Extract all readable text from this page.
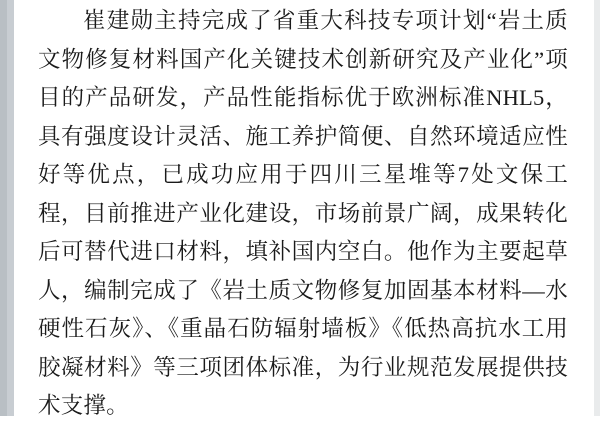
崔建勋主持完成了省重大科技专项计划“岩土质文物修复材料国产化关键技术创新研究及产业化”项目的产品研发，产品性能指标优于欧洲标准NHL5，具有强度设计灵活、施工养护简便、自然环境适应性好等优点，已成功应用于四川三星堆等7处文保工程，目前推进产业化建设，市场前景广阔，成果转化后可替代进口材料，填补国内空白。他作为主要起草人，编制完成了《岩土质文物修复加固基本材料—水硬性石灰》、《重晶石防辐射墙板》《低热高抗水工用胶凝材料》等三项团体标准，为行业规范发展提供技术支撑。
